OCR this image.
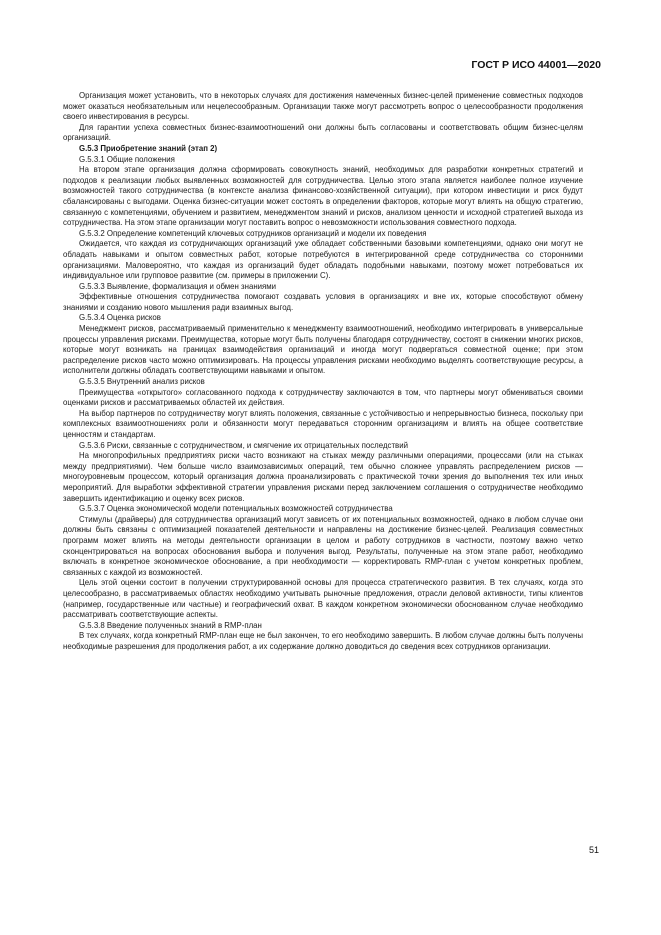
ГОСТ Р ИСО 44001—2020

Организация может установить, что в некоторых случаях для достижения намеченных бизнес-целей применение совместных подходов может оказаться необязательным или нецелесообразным. Организации также могут рассмотреть вопрос о целесообразности продолжения своего инвестирования в ресурсы.

Для гарантии успеха совместных бизнес-взаимоотношений они должны быть согласованы и соответствовать общим бизнес-целям организаций.

G.5.3 Приобретение знаний (этап 2)

G.5.3.1 Общие положения

На втором этапе организация должна сформировать совокупность знаний, необходимых для разработки конкретных стратегий и подходов к реализации любых выявленных возможностей для сотрудничества. Целью этого этапа является наиболее полное изучение возможностей такого сотрудничества (в контексте анализа финансово-хозяйственной ситуации), при котором инвестиции и риск будут сбалансированы с выгодами. Оценка бизнес-ситуации может состоять в определении факторов, которые могут влиять на общую стратегию, связанную с компетенциями, обучением и развитием, менеджментом знаний и рисков, анализом ценности и исходной стратегией выхода из сотрудничества. На этом этапе организации могут поставить вопрос о невозможности использования совместного подхода.

G.5.3.2 Определение компетенций ключевых сотрудников организаций и модели их поведения

Ожидается, что каждая из сотрудничающих организаций уже обладает собственными базовыми компетенциями, однако они могут не обладать навыками и опытом совместных работ, которые потребуются в интегрированной среде сотрудничества со сторонними организациями. Маловероятно, что каждая из организаций будет обладать подобными навыками, поэтому может потребоваться их индивидуальное или групповое развитие (см. примеры в приложении С).

G.5.3.3 Выявление, формализация и обмен знаниями

Эффективные отношения сотрудничества помогают создавать условия в организациях и вне их, которые способствуют обмену знаниями и созданию нового мышления ради взаимных выгод.

G.5.3.4 Оценка рисков

Менеджмент рисков, рассматриваемый применительно к менеджменту взаимоотношений, необходимо интегрировать в универсальные процессы управления рисками. Преимущества, которые могут быть получены благодаря сотрудничеству, состоят в снижении многих рисков, которые могут возникать на границах взаимодействия организаций и иногда могут подвергаться совместной оценке; при этом распределение рисков часто можно оптимизировать. На процессы управления рисками необходимо выделять соответствующие ресурсы, а исполнители должны обладать соответствующими навыками и опытом.

G.5.3.5 Внутренний анализ рисков

Преимущества «открытого» согласованного подхода к сотрудничеству заключаются в том, что партнеры могут обмениваться своими оценками рисков и рассматриваемых областей их действия.

На выбор партнеров по сотрудничеству могут влиять положения, связанные с устойчивостью и непрерывностью бизнеса, поскольку при комплексных взаимоотношениях роли и обязанности могут передаваться сторонним организациям и влиять на общее соответствие ценностям и стандартам.

G.5.3.6 Риски, связанные с сотрудничеством, и смягчение их отрицательных последствий

На многопрофильных предприятиях риски часто возникают на стыках между различными операциями, процессами (или на стыках между предприятиями). Чем больше число взаимозависимых операций, тем обычно сложнее управлять распределением рисков — многоуровневым процессом, который организация должна проанализировать с практической точки зрения до выполнения тех или иных мероприятий. Для выработки эффективной стратегии управления рисками перед заключением соглашения о сотрудничестве необходимо завершить идентификацию и оценку всех рисков.

G.5.3.7 Оценка экономической модели потенциальных возможностей сотрудничества

Стимулы (драйверы) для сотрудничества организаций могут зависеть от их потенциальных возможностей, однако в любом случае они должны быть связаны с оптимизацией показателей деятельности и направлены на достижение бизнес-целей. Реализация совместных программ может влиять на методы деятельности организации в целом и работу сотрудников в частности, поэтому важно четко сконцентрироваться на вопросах обоснования выбора и получения выгод. Результаты, полученные на этом этапе работ, необходимо включать в конкретное экономическое обоснование, а при необходимости — корректировать RMP-план с учетом конкретных проблем, связанных с каждой из возможностей.

Цель этой оценки состоит в получении структурированной основы для процесса стратегического развития. В тех случаях, когда это целесообразно, в рассматриваемых областях необходимо учитывать рыночные предложения, отрасли деловой активности, типы клиентов (например, государственные или частные) и географический охват. В каждом конкретном экономически обоснованном случае необходимо рассматривать соответствующие аспекты.

G.5.3.8 Введение полученных знаний в RMP-план

В тех случаях, когда конкретный RMP-план еще не был закончен, то его необходимо завершить. В любом случае должны быть получены необходимые разрешения для продолжения работ, а их содержание должно доводиться до сведения всех сотрудников организации.

51
